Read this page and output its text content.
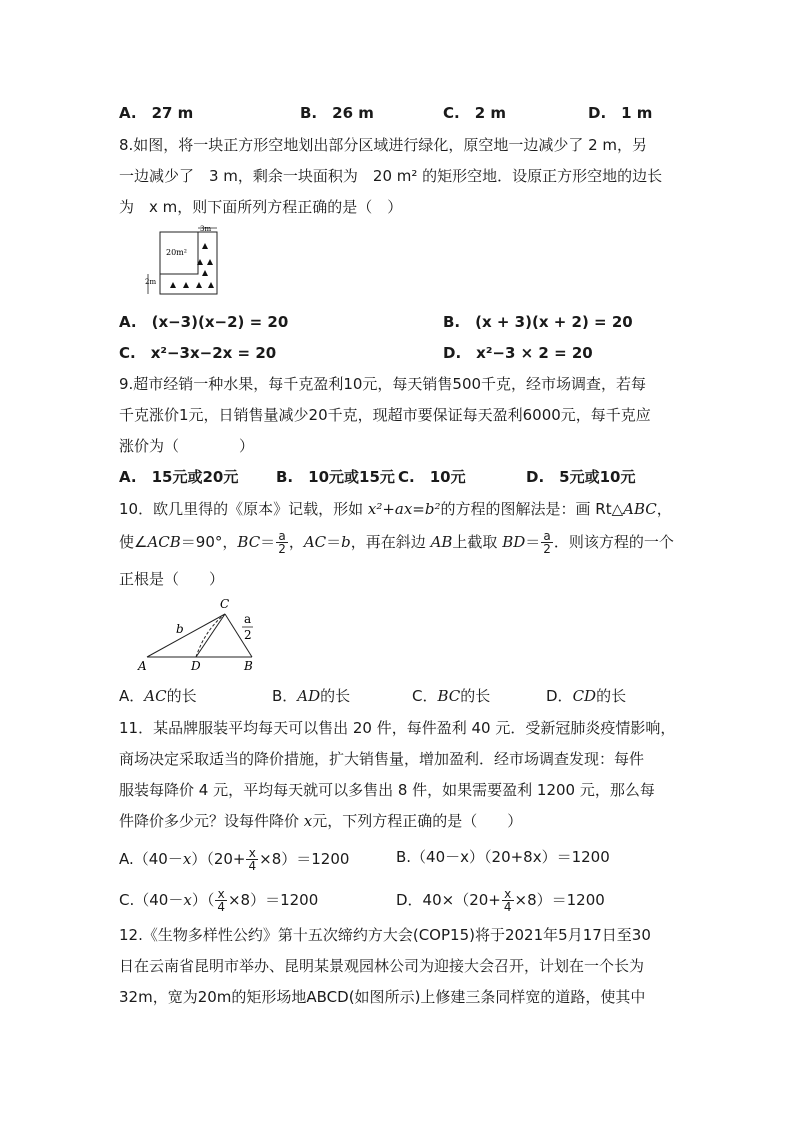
A.　27 m	B.　26 m	C.　2 m	D.　1 m
8.如图，将一块正方形空地划出部分区域进行绿化，原空地一边减少了 2 m，另
一边减少了　3 m，剩余一块面积为　20 m² 的矩形空地．设原正方形空地的边长
为　x m，则下面所列方程正确的是（　）
3m
20m²
2m
A.　(x−3)(x−2) = 20	B.　(x + 3)(x + 2) = 20
C.　x²−3x−2x = 20	D.　x²−3 × 2 = 20
9.超市经销一种水果，每千克盈利10元，每天销售500千克，经市场调查，若每
千克涨价1元，日销售量减少20千克，现超市要保证每天盈利6000元，每千克应
涨价为（　　　　）
A.　15元或20元	B.　10元或15元 C.　10元	D.　5元或10元
10．欧几里得的《原本》记载，形如 x²+ax=b²的方程的图解法是：画 Rt△ABC，
使∠ACB＝90°，$BC= \frac{a}{2}$ ，AC＝b，再在斜边 AB上截取 $BD= \frac{a}{2}$ ．则该方程的一个
正根是（　　）
C
b
A	D	B
a
2
A．AC的长	B．AD的长	C．BC的长	D．CD的长
11．某品牌服装平均每天可以售出 20 件，每件盈利 40 元．受新冠肺炎疫情影响，
商场决定采取适当的降价措施，扩大销售量，增加盈利．经市场调查发现：每件
服装每降价 4 元，平均每天就可以多售出 8 件，如果需要盈利 1200 元，那么每
件降价多少元？设每件降价 x元，下列方程正确的是（　　）
$A.(40-x)(20+ \frac{x}{4} \times 8)=1200$	B.（40－x）（20+8x）＝1200
$C.(40-x)( \frac{x}{4} \times 8)=1200$	D．$40\times(20+ \frac{x}{4} \times 8)=1200$
12.《生物多样性公约》第十五次缔约方大会(COP15)将于2021年5月17日至30
日在云南省昆明市举办、昆明某景观园林公司为迎接大会召开，计划在一个长为
32m，宽为20m的矩形场地ABCD(如图所示)上修建三条同样宽的道路，使其中
